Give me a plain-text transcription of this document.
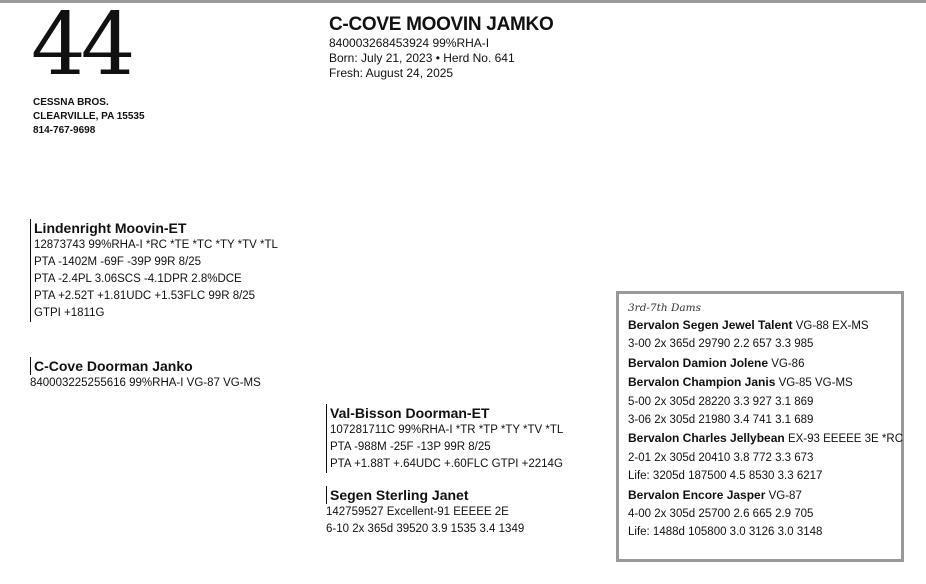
44
CESSNA BROS.
CLEARVILLE, PA 15535
814-767-9698
C-COVE MOOVIN JAMKO
840003268453924 99%RHA-I
Born: July 21, 2023 • Herd No. 641
Fresh: August 24, 2025
Lindenright Moovin-ET
12873743 99%RHA-I *RC *TE *TC *TY *TV *TL
PTA -1402M -69F -39P 99R 8/25
PTA -2.4PL 3.06SCS -4.1DPR 2.8%DCE
PTA +2.52T +1.81UDC +1.53FLC 99R 8/25
GTPI +1811G
C-Cove Doorman Janko
840003225255616 99%RHA-I VG-87 VG-MS
Val-Bisson Doorman-ET
107281711C 99%RHA-I *TR *TP *TY *TV *TL
PTA -988M -25F -13P 99R 8/25
PTA +1.88T +.64UDC +.60FLC GTPI +2214G
Segen Sterling Janet
142759527 Excellent-91 EEEEE 2E
6-10 2x 365d 39520 3.9 1535 3.4 1349
3rd-7th Dams
Bervalon Segen Jewel Talent VG-88 EX-MS
3-00 2x 365d 29790 2.2 657 3.3 985
Bervalon Damion Jolene VG-86
Bervalon Champion Janis VG-85 VG-MS
5-00 2x 305d 28220 3.3 927 3.1 869
3-06 2x 305d 21980 3.4 741 3.1 689
Bervalon Charles Jellybean EX-93 EEEEE 3E *RC
2-01 2x 305d 20410 3.8 772 3.3 673
Life: 3205d 187500 4.5 8530 3.3 6217
Bervalon Encore Jasper VG-87
4-00 2x 305d 25700 2.6 665 2.9 705
Life: 1488d 105800 3.0 3126 3.0 3148
